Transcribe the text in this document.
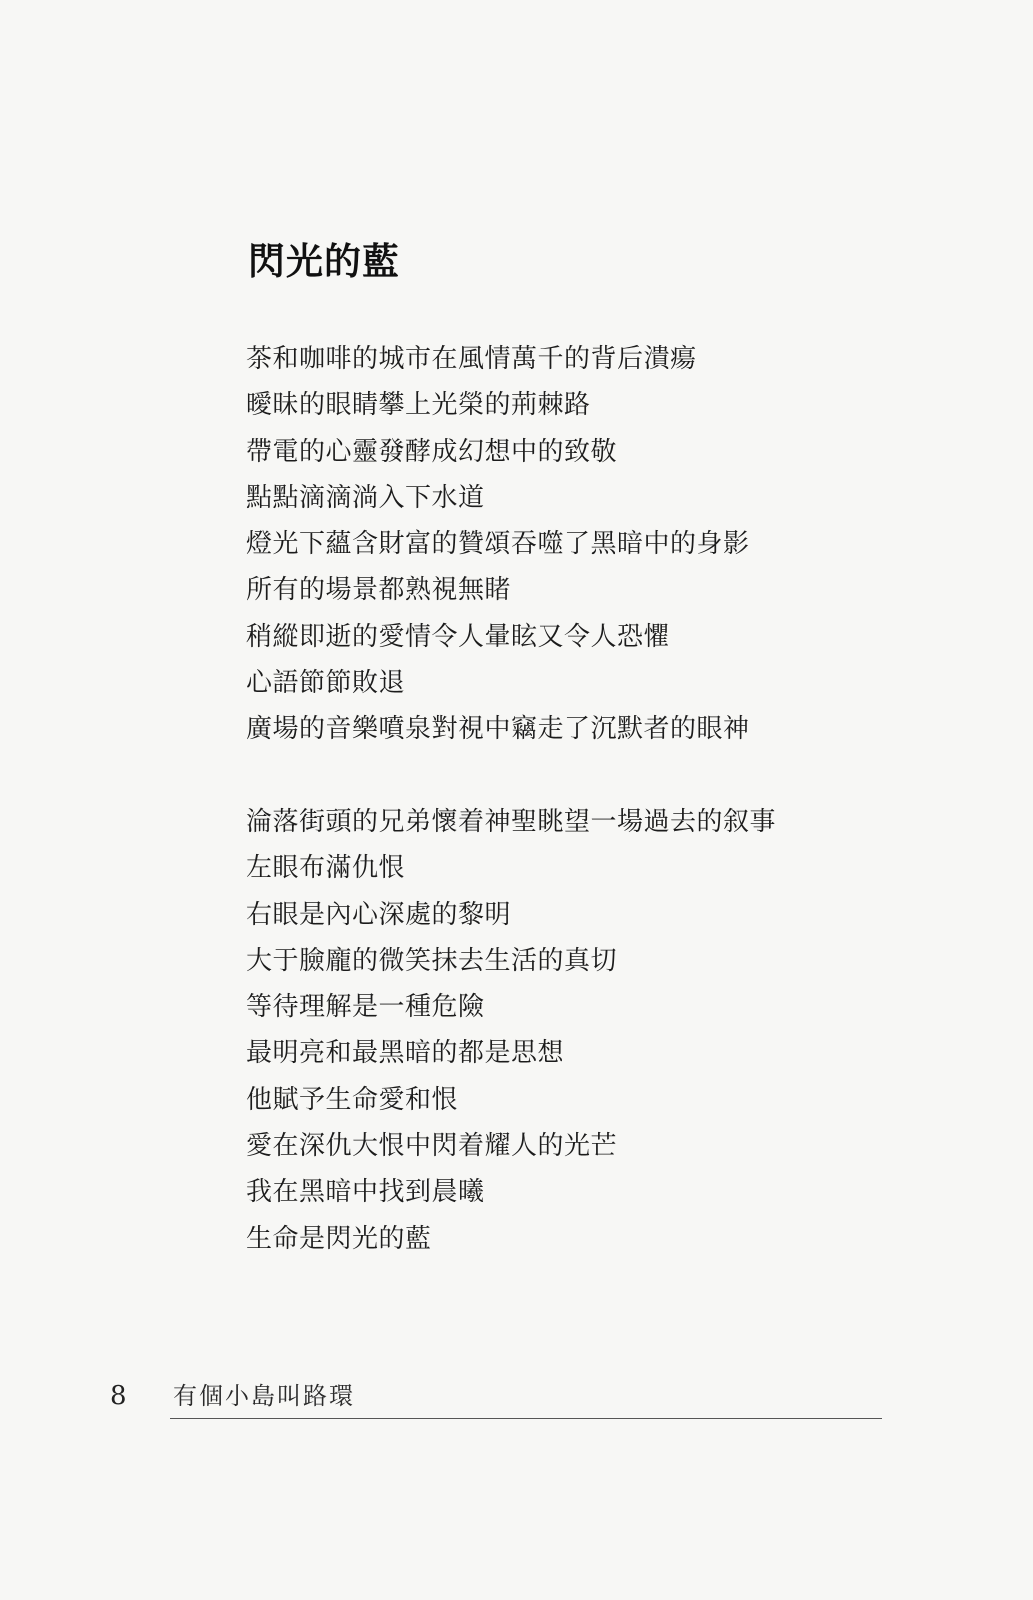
閃光的藍
茶和咖啡的城市在風情萬千的背后潰瘍
曖昧的眼睛攀上光榮的荊棘路
帶電的心靈發酵成幻想中的致敬
點點滴滴淌入下水道
燈光下蘊含財富的贊頌吞噬了黑暗中的身影
所有的場景都熟視無睹
稍縱即逝的愛情令人暈眩又令人恐懼
心語節節敗退
廣場的音樂噴泉對視中竊走了沉默者的眼神
淪落街頭的兄弟懷着神聖眺望一場過去的叙事
左眼布滿仇恨
右眼是內心深處的黎明
大于臉龐的微笑抹去生活的真切
等待理解是一種危險
最明亮和最黑暗的都是思想
他賦予生命愛和恨
愛在深仇大恨中閃着耀人的光芒
我在黑暗中找到晨曦
生命是閃光的藍
8 有個小島叫路環
